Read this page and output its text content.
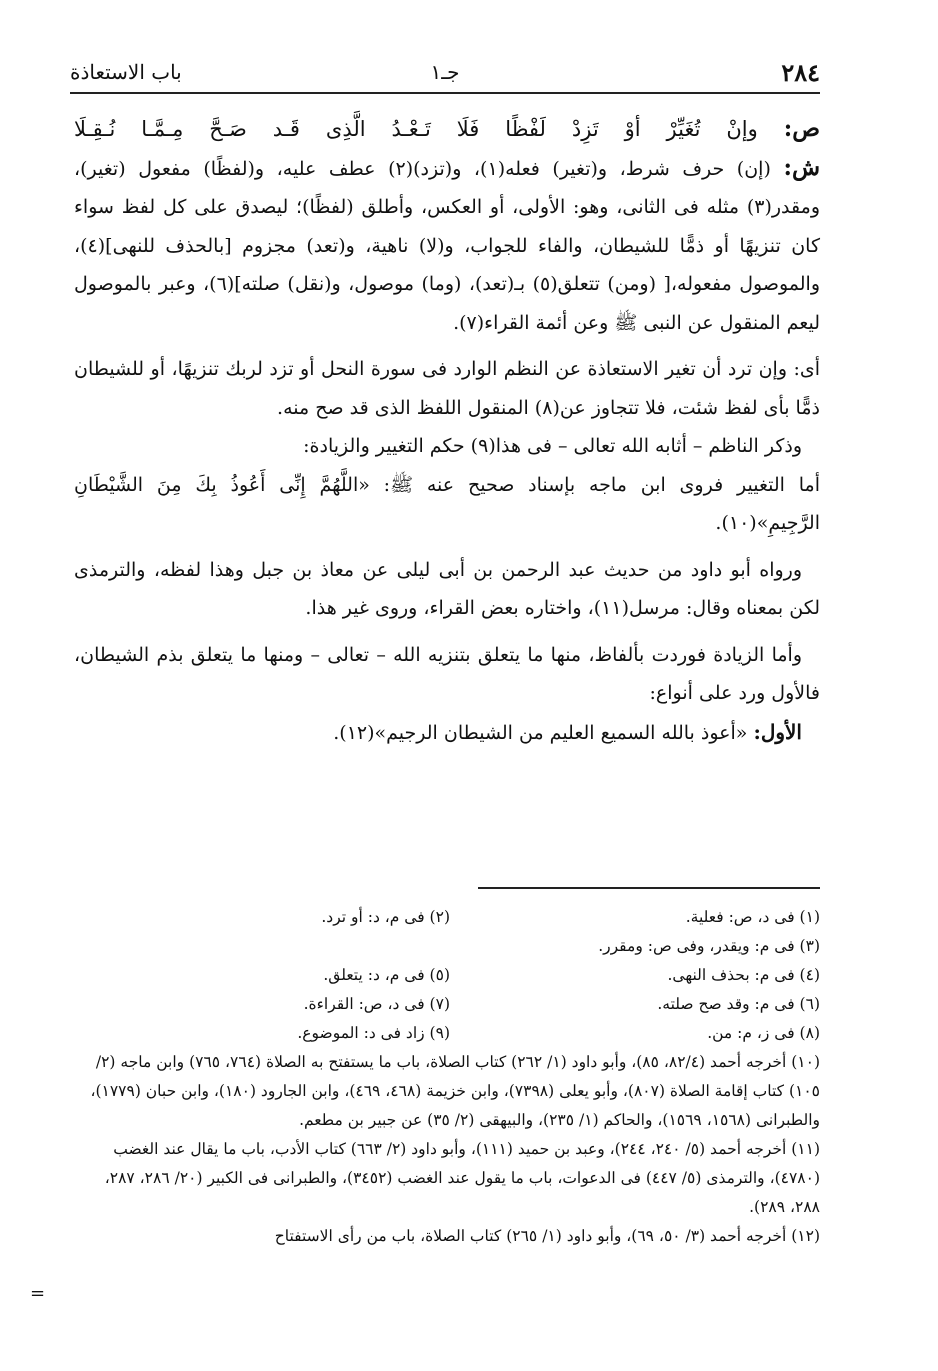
٢٨٤
جـ١
باب الاستعاذة

ص: وإنْ تُغَيِّرْ أوْ تَزِدْ لَفْظًا فَلَا تَـعْـدُ الَّذِى قَـد صَـحَّ مِـمَّـا نُـقِـلَا

ش: (إن) حرف شرط، و(تغير) فعله(١)، و(تزد)(٢) عطف عليه، و(لفظًا) مفعول (تغير)، ومقدر(٣) مثله فى الثانى، وهو: الأولى، أو العكس، وأطلق (لفظًا)؛ ليصدق على كل لفظ سواء كان تنزيهًا أو ذمًّا للشيطان، والفاء للجواب، و(لا) ناهية، و(تعد) مجزوم [بالحذف للنهى](٤)، والموصول مفعوله،[ (ومن) تتعلق(٥) بـ(تعد)، (وما) موصول، و(نقل) صلته](٦)، وعبر بالموصول ليعم المنقول عن النبى ﷺ وعن أئمة القراء(٧).

أى: وإن ترد أن تغير الاستعاذة عن النظم الوارد فى سورة النحل أو تزد لربك تنزيهًا، أو للشيطان ذمًّا بأى لفظ شئت، فلا تتجاوز عن(٨) المنقول اللفظ الذى قد صح منه.

وذكر الناظم – أثابه الله تعالى – فى هذا(٩) حكم التغيير والزيادة:

أما التغيير فروى ابن ماجه بإسناد صحيح عنه ﷺ: «اللَّهُمَّ إِنِّى أَعُوذُ بِكَ مِنَ الشَّيْطَانِ الرَّجِيمِ»(١٠).

ورواه أبو داود من حديث عبد الرحمن بن أبى ليلى عن معاذ بن جبل وهذا لفظه، والترمذى لكن بمعناه وقال: مرسل(١١)، واختاره بعض القراء، وروى غير هذا.

وأما الزيادة فوردت بألفاظ، منها ما يتعلق بتنزيه الله – تعالى – ومنها ما يتعلق بذم الشيطان، فالأول ورد على أنواع:

الأول: «أعوذ بالله السميع العليم من الشيطان الرجيم»(١٢).

(١) فى د، ص: فعلية.
(٢) فى م، د: أو ترد.
(٣) فى م: ويقدر، وفى ص: ومقرر.
(٤) فى م: بحذف النهى.
(٥) فى م، د: يتعلق.
(٦) فى م: وقد صح صلته.
(٧) فى د، ص: القراءة.
(٨) فى ز، م: من.
(٩) زاد فى د: الموضوع.
(١٠) أخرجه أحمد (٨٢/٤، ٨٥)، وأبو داود (١/ ٢٦٢) كتاب الصلاة، باب ما يستفتح به الصلاة (٧٦٤، ٧٦٥) وابن ماجه (٢/ ١٠٥) كتاب إقامة الصلاة (٨٠٧)، وأبو يعلى (٧٣٩٨)، وابن خزيمة (٤٦٨، ٤٦٩)، وابن الجارود (١٨٠)، وابن حبان (١٧٧٩)، والطبرانى (١٥٦٨، ١٥٦٩)، والحاكم (١/ ٢٣٥)، والبيهقى (٢/ ٣٥) عن جبير بن مطعم.
(١١) أخرجه أحمد (٥/ ٢٤٠، ٢٤٤)، وعبد بن حميد (١١١)، وأبو داود (٢/ ٦٦٣) كتاب الأدب، باب ما يقال عند الغضب (٤٧٨٠)، والترمذى (٥/ ٤٤٧) فى الدعوات، باب ما يقول عند الغضب (٣٤٥٢)، والطبرانى فى الكبير (٢٠/ ٢٨٦، ٢٨٧، ٢٨٨، ٢٨٩).
(١٢) أخرجه أحمد (٣/ ٥٠، ٦٩)، وأبو داود (١/ ٢٦٥) كتاب الصلاة، باب من رأى الاستفتاح
=
